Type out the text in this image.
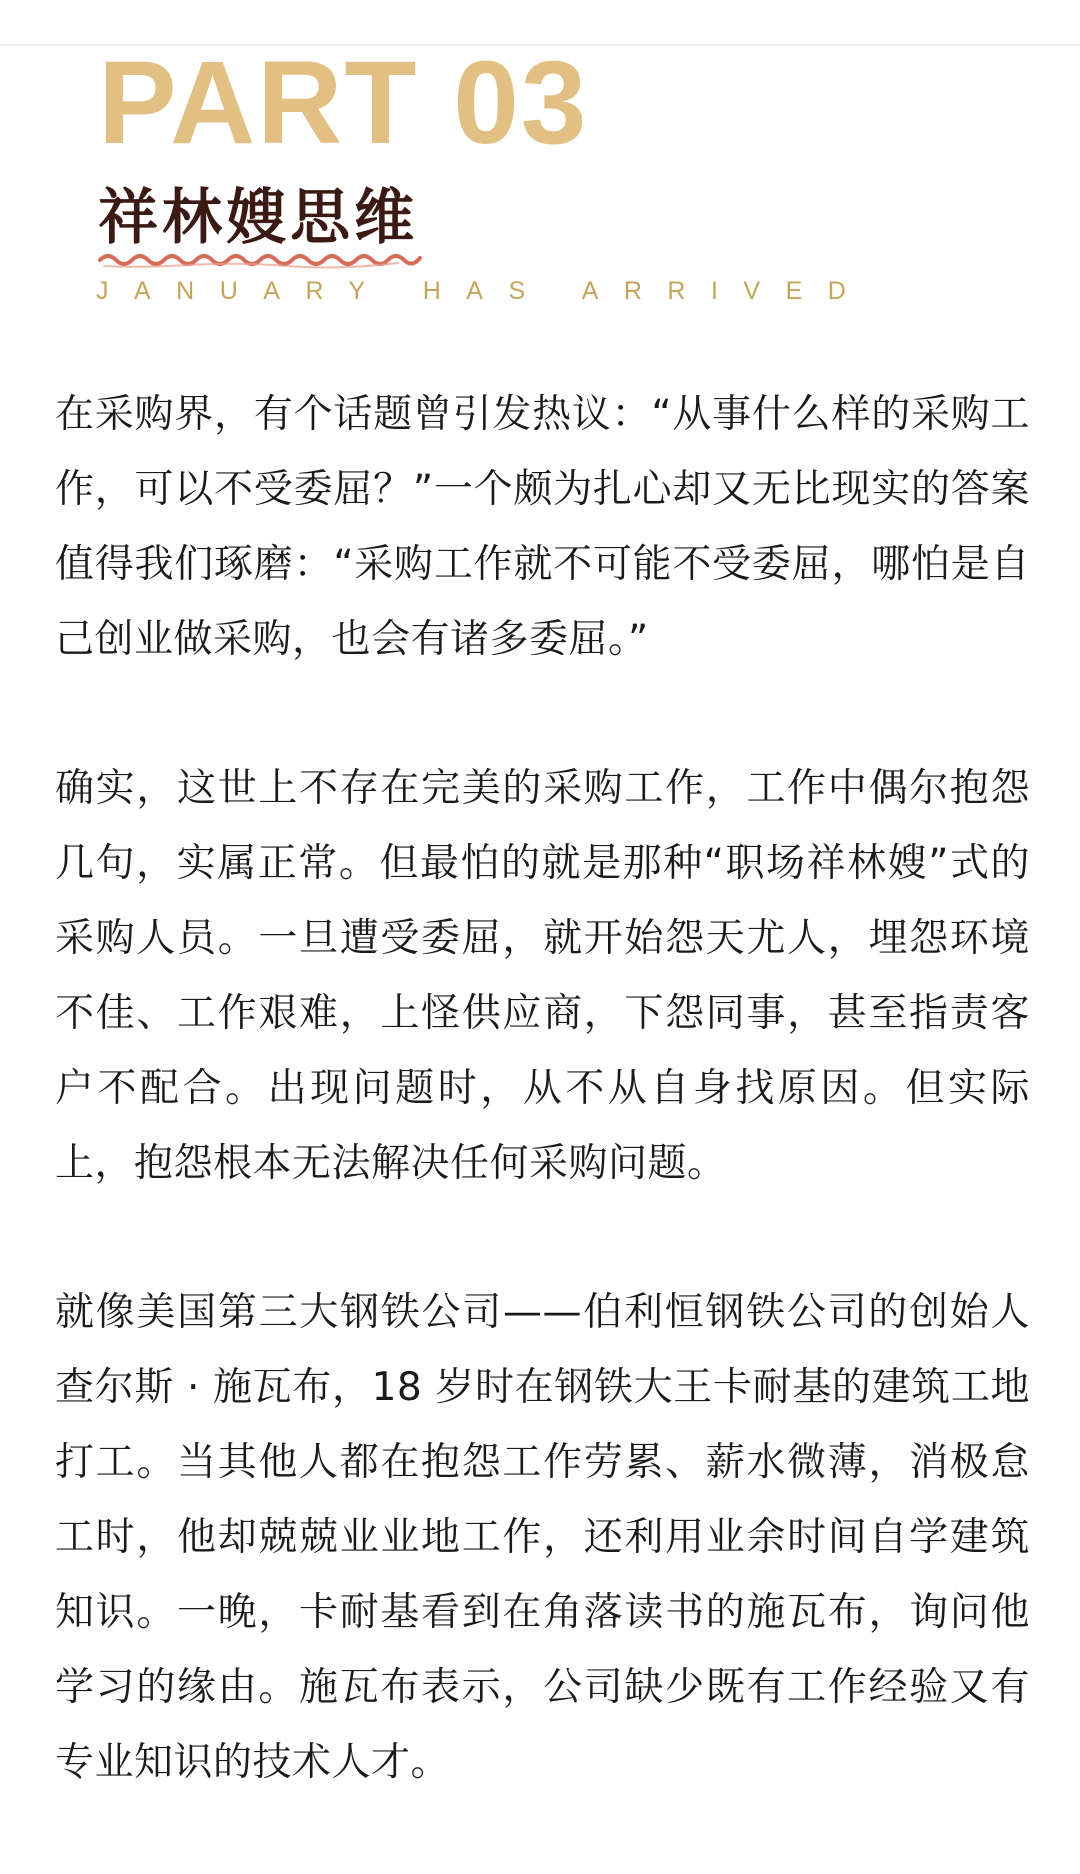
PART 03
祥林嫂思维
JANUARY HAS ARRIVED

在采购界，有个话题曾引发热议：“从事什么样的采购工作，可以不受委屈？”一个颇为扎心却又无比现实的答案值得我们琢磨：“采购工作就不可能不受委屈，哪怕是自己创业做采购，也会有诸多委屈。”

确实，这世上不存在完美的采购工作，工作中偶尔抱怨几句，实属正常。但最怕的就是那种“职场祥林嫂”式的采购人员。一旦遭受委屈，就开始怨天尤人，埋怨环境不佳、工作艰难，上怪供应商，下怨同事，甚至指责客户不配合。出现问题时，从不从自身找原因。但实际上，抱怨根本无法解决任何采购问题。

就像美国第三大钢铁公司——伯利恒钢铁公司的创始人查尔斯 · 施瓦布，18 岁时在钢铁大王卡耐基的建筑工地打工。当其他人都在抱怨工作劳累、薪水微薄，消极怠工时，他却兢兢业业地工作，还利用业余时间自学建筑知识。一晚，卡耐基看到在角落读书的施瓦布，询问他学习的缘由。施瓦布表示，公司缺少既有工作经验又有专业知识的技术人才。
